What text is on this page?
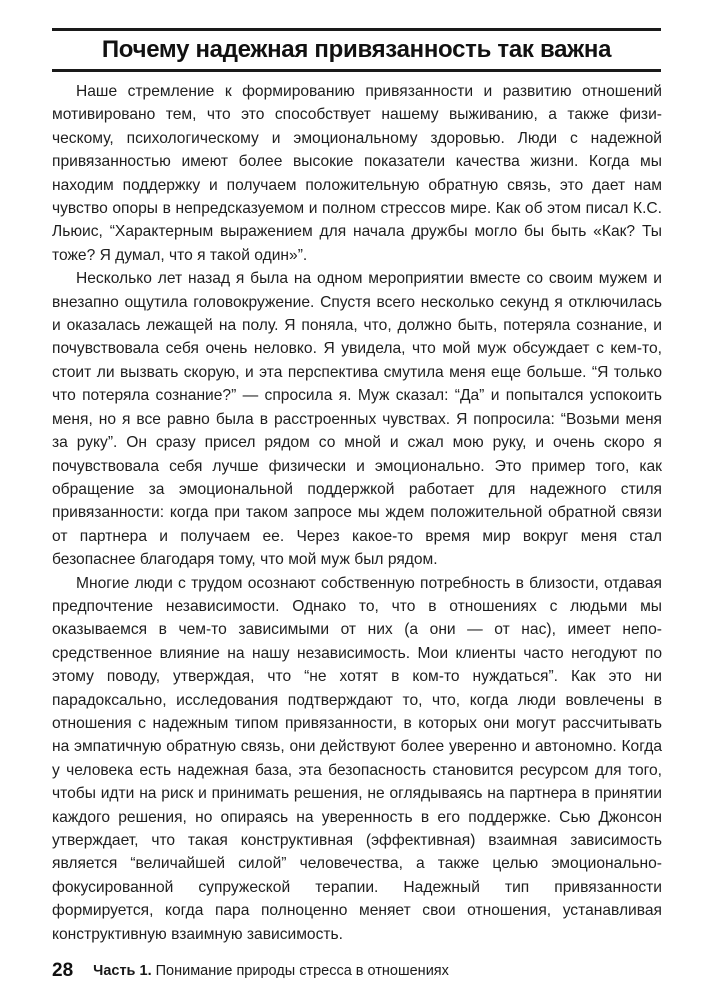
Почему надежная привязанность так важна

Наше стремление к формированию привязанности и развитию отношений мотивировано тем, что это способствует нашему выживанию, а также физическому, психологическому и эмоциональному здоровью. Люди с надежной привязанностью имеют более высокие показатели качества жизни. Когда мы находим поддержку и получаем положительную обратную связь, это дает нам чувство опоры в непредсказуемом и полном стрессов мире. Как об этом писал К.С. Льюис, “Характерным выражением для начала дружбы могло бы быть «Как? Ты тоже? Я думал, что я такой один»”.

Несколько лет назад я была на одном мероприятии вместе со своим мужем и внезапно ощутила головокружение. Спустя всего несколько секунд я отключилась и оказалась лежащей на полу. Я поняла, что, должно быть, потеряла сознание, и почувствовала себя очень неловко. Я увидела, что мой муж обсуждает с кем-то, стоит ли вызвать скорую, и эта перспектива смутила меня еще больше. “Я только что потеряла сознание?” — спросила я. Муж сказал: “Да” и попытался успокоить меня, но я все равно была в расстроенных чувствах. Я попросила: “Возьми меня за руку”. Он сразу присел рядом со мной и сжал мою руку, и очень скоро я почувствовала себя лучше физически и эмоционально. Это пример того, как обращение за эмоциональной поддержкой работает для надежного стиля привязанности: когда при таком запросе мы ждем положительной обратной связи от партнера и получаем ее. Через какое-то время мир вокруг меня стал безопаснее благодаря тому, что мой муж был рядом.

Многие люди с трудом осознают собственную потребность в близости, отдавая предпочтение независимости. Однако то, что в отношениях с людьми мы оказываемся в чем-то зависимыми от них (а они — от нас), имеет непосредственное влияние на нашу независимость. Мои клиенты часто негодуют по этому поводу, утверждая, что “не хотят в ком-то нуждаться”. Как это ни парадоксально, исследования подтверждают то, что, когда люди вовлечены в отношения с надежным типом привязанности, в которых они могут рассчитывать на эмпатичную обратную связь, они действуют более уверенно и автономно. Когда у человека есть надежная база, эта безопасность становится ресурсом для того, чтобы идти на риск и принимать решения, не оглядываясь на партнера в принятии каждого решения, но опираясь на уверенность в его поддержке. Сью Джонсон утверждает, что такая конструктивная (эффективная) взаимная зависимость является “величайшей силой” человечества, а также целью эмоционально-фокусированной супружеской терапии. Надежный тип привязанности формируется, когда пара полноценно меняет свои отношения, устанавливая конструктивную взаимную зависимость.

28 Часть 1. Понимание природы стресса в отношениях
